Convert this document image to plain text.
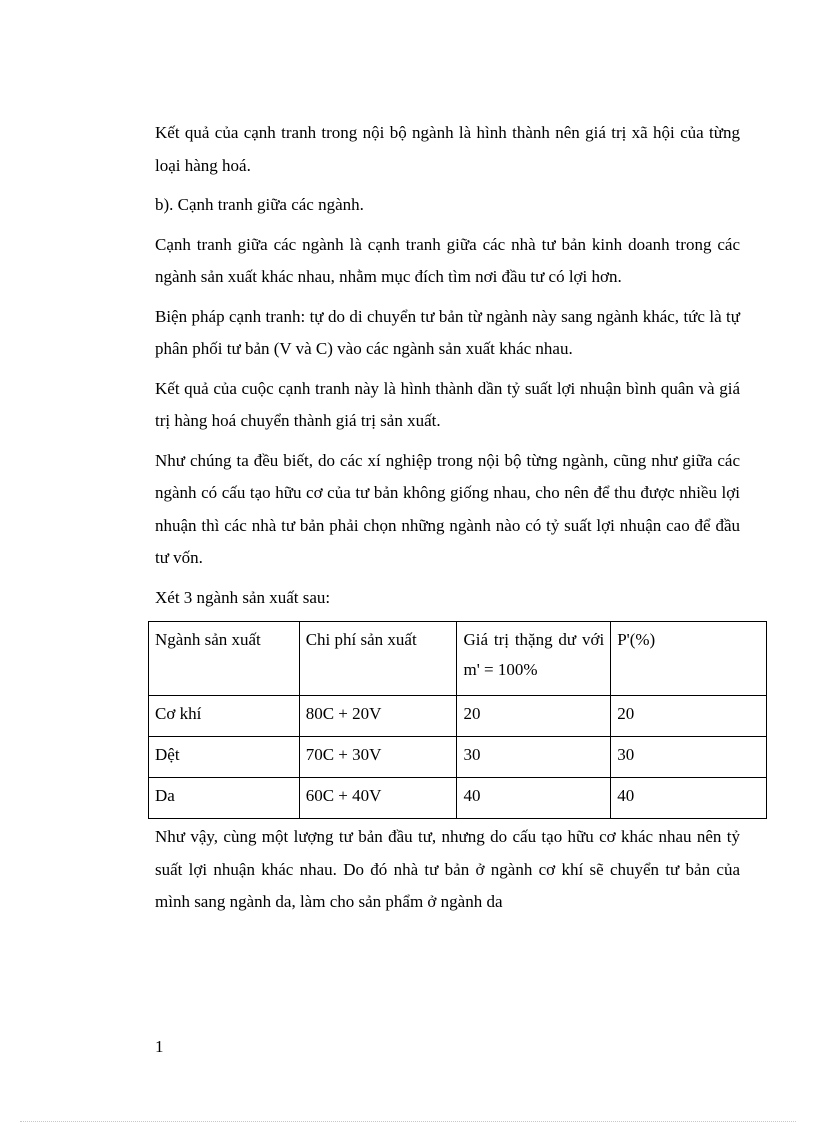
Kết quả của cạnh tranh trong nội bộ ngành là hình thành nên giá trị xã hội của từng loại hàng hoá.

b). Cạnh tranh giữa các ngành.

Cạnh tranh giữa các ngành là cạnh tranh giữa các nhà tư bản kinh doanh trong các ngành sản xuất khác nhau, nhằm mục đích tìm nơi đầu tư có lợi hơn.

Biện pháp cạnh tranh: tự do di chuyển tư bản từ ngành này sang ngành khác, tức là tự phân phối tư bản (V và C) vào các ngành sản xuất khác nhau.

Kết quả của cuộc cạnh tranh này là hình thành dần tỷ suất lợi nhuận bình quân và giá trị hàng hoá chuyển thành giá trị sản xuất.

Như chúng ta đều biết, do các xí nghiệp trong nội bộ từng ngành, cũng như giữa các ngành có cấu tạo hữu cơ của tư bản không giống nhau, cho nên để thu được nhiều lợi nhuận thì các nhà tư bản phải chọn những ngành nào có tỷ suất lợi nhuận cao để đầu tư vốn.

Xét 3 ngành sản xuất sau:

Ngành sản xuất	Chi phí sản xuất	Giá trị thặng dư với m' = 100%	P'(%)
Cơ khí	80C + 20V	20	20
Dệt	70C + 30V	30	30
Da	60C + 40V	40	40

Như vậy, cùng một lượng tư bản đầu tư, nhưng do cấu tạo hữu cơ khác nhau nên tỷ suất lợi nhuận khác nhau. Do đó nhà tư bản ở ngành cơ khí sẽ chuyển tư bản của mình sang ngành da, làm cho sản phẩm ở ngành da

1
